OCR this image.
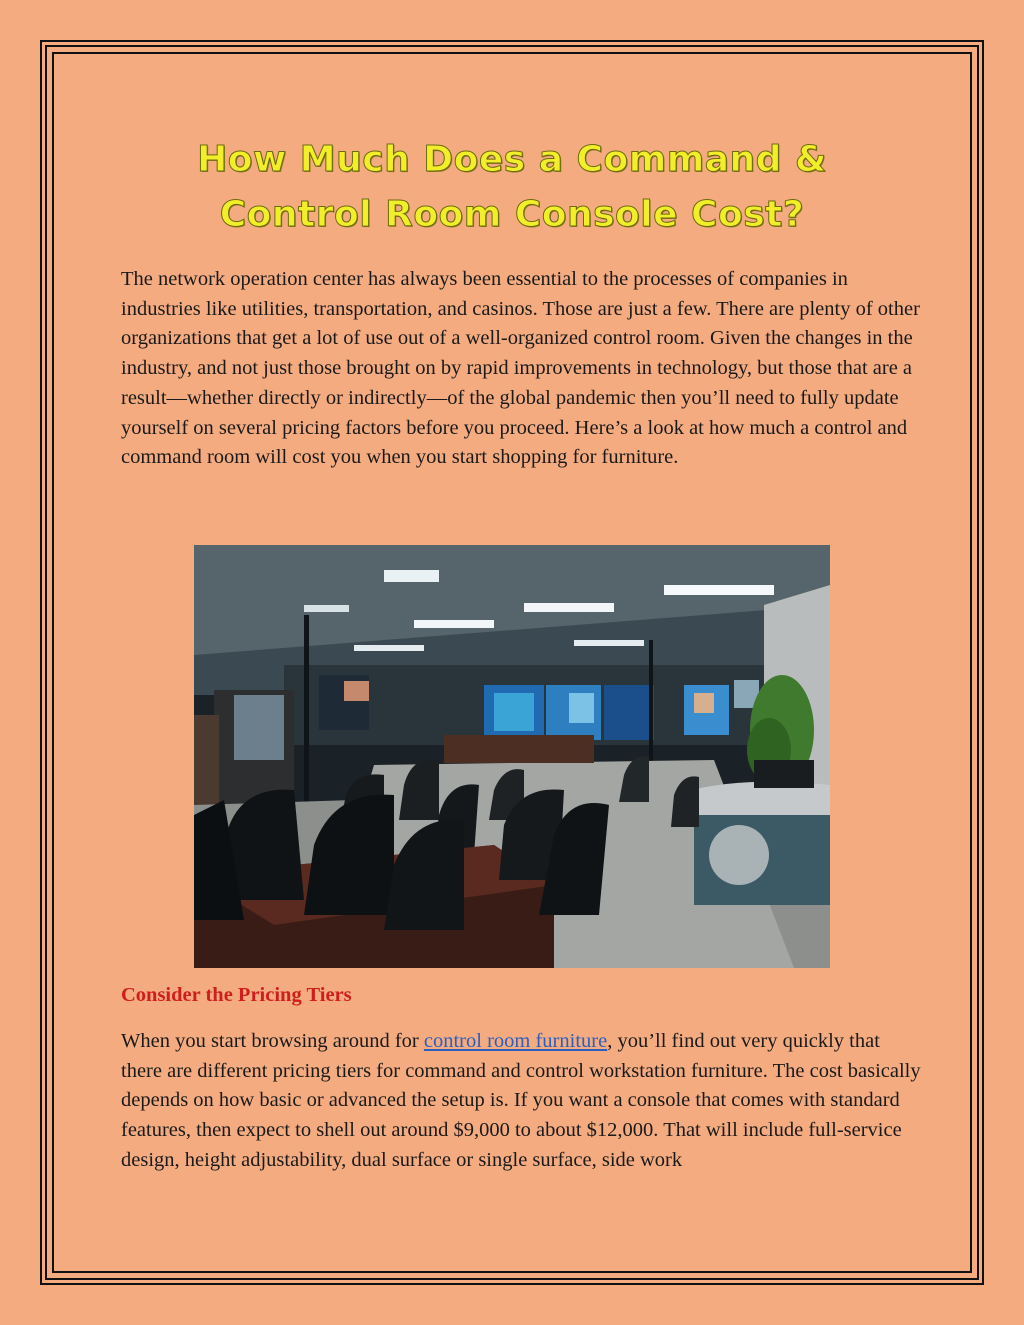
How Much Does a Command &
Control Room Console Cost?

The network operation center has always been essential to the processes of companies in industries like utilities, transportation, and casinos. Those are just a few. There are plenty of other organizations that get a lot of use out of a well-organized control room. Given the changes in the industry, and not just those brought on by rapid improvements in technology, but those that are a result—whether directly or indirectly—of the global pandemic then you’ll need to fully update yourself on several pricing factors before you proceed. Here’s a look at how much a control and command room will cost you when you start shopping for furniture.

Consider the Pricing Tiers

When you start browsing around for control room furniture, you’ll find out very quickly that there are different pricing tiers for command and control workstation furniture. The cost basically depends on how basic or advanced the setup is. If you want a console that comes with standard features, then expect to shell out around $9,000 to about $12,000. That will include full-service design, height adjustability, dual surface or single surface, side work
